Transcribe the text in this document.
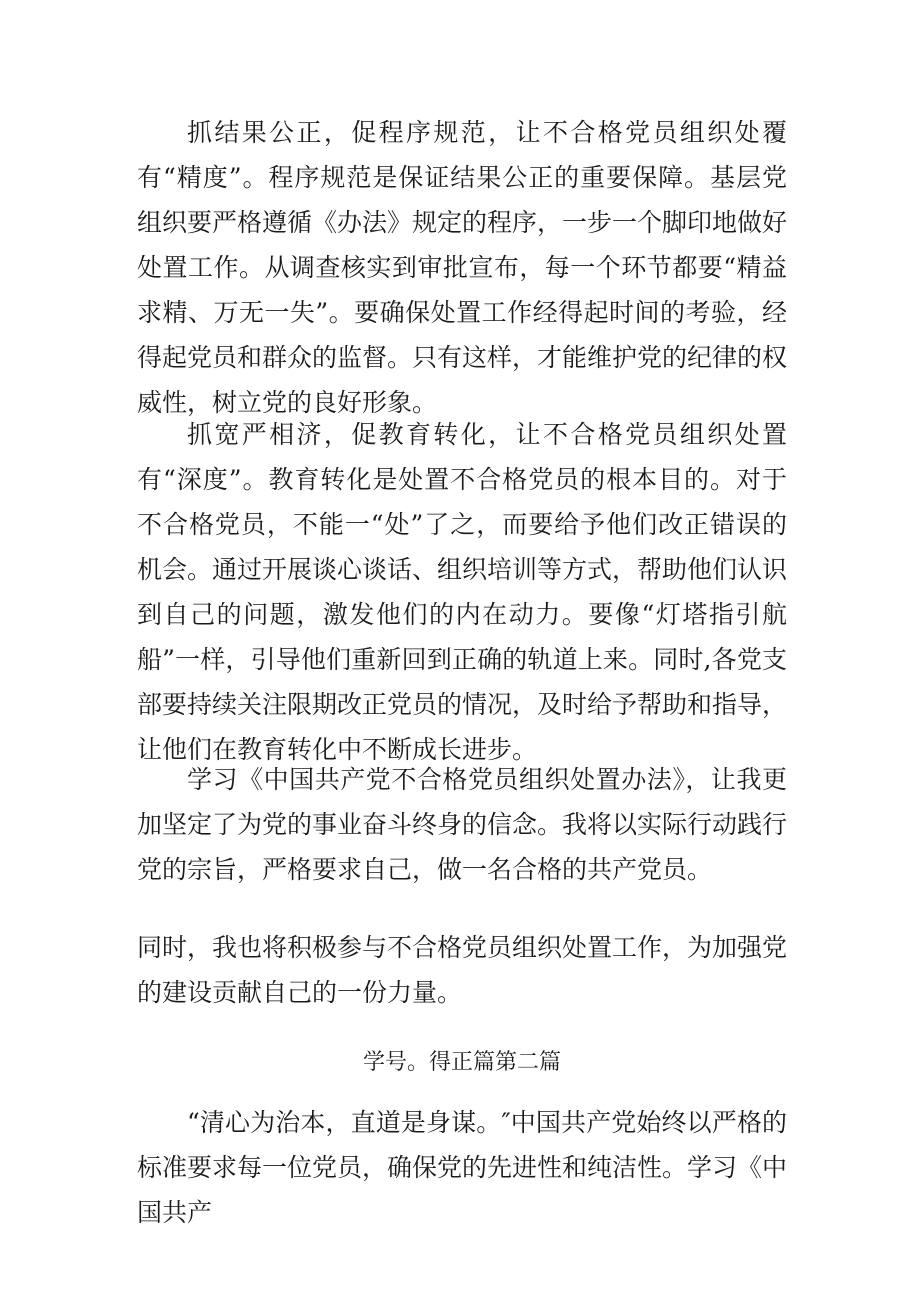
抓结果公正，促程序规范，让不合格党员组织处覆有“精度”。程序规范是保证结果公正的重要保障。基层党组织要严格遵循《办法》规定的程序，一步一个脚印地做好处置工作。从调查核实到审批宣布，每一个环节都要“精益求精、万无一失”。要确保处置工作经得起时间的考验，经得起党员和群众的监督。只有这样，才能维护党的纪律的权威性，树立党的良好形象。

抓宽严相济，促教育转化，让不合格党员组织处置有“深度”。教育转化是处置不合格党员的根本目的。对于不合格党员，不能一“处”了之，而要给予他们改正错误的机会。通过开展谈心谈话、组织培训等方式，帮助他们认识到自己的问题，激发他们的内在动力。要像“灯塔指引航船”一样，引导他们重新回到正确的轨道上来。同时,各党支部要持续关注限期改正党员的情况，及时给予帮助和指导，让他们在教育转化中不断成长进步。

学习《中国共产党不合格党员组织处置办法》，让我更加坚定了为党的事业奋斗终身的信念。我将以实际行动践行党的宗旨，严格要求自己，做一名合格的共产党员。

同时，我也将积极参与不合格党员组织处置工作，为加强党的建设贡献自己的一份力量。

学号。得正篇第二篇

“清心为治本，直道是身谋。″中国共产党始终以严格的标准要求每一位党员，确保党的先进性和纯洁性。学习《中国共产
